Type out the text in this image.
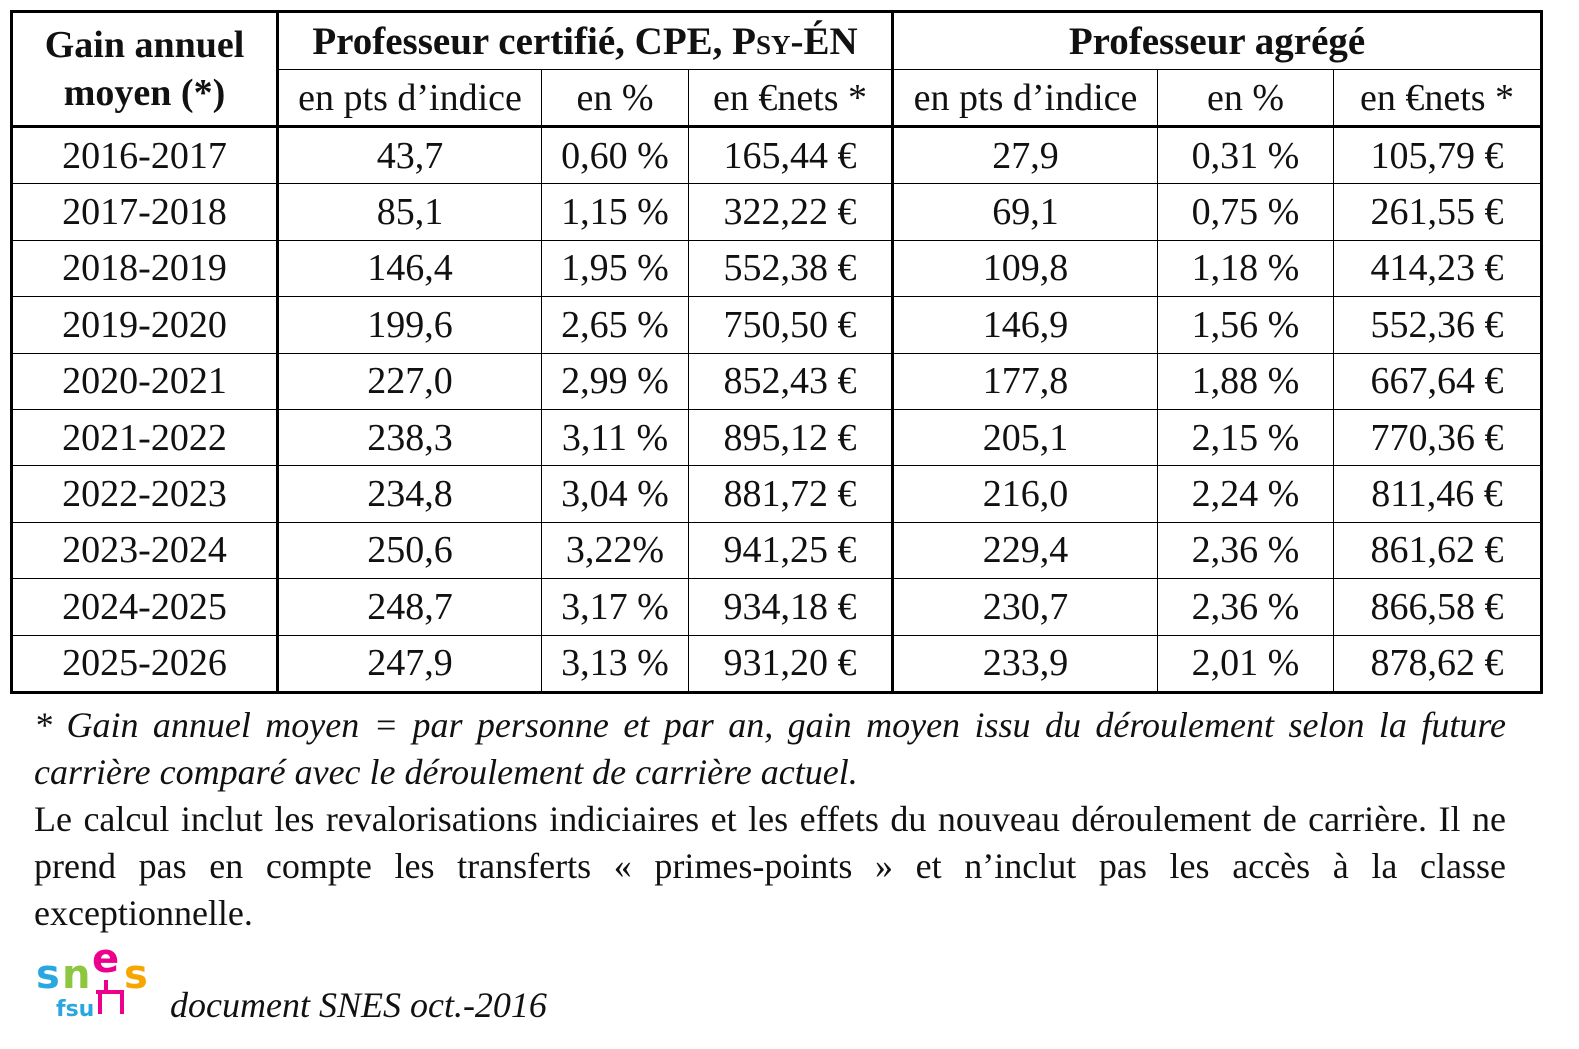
Gain annuel
moyen (*)	Professeur certifié, CPE, Psy-ÉN			Professeur agrégé		
	en pts d’indice	en %	en €nets *	en pts d’indice	en %	en €nets *
2016-2017	43,7	0,60 %	165,44 €	27,9	0,31 %	105,79 €
2017-2018	85,1	1,15 %	322,22 €	69,1	0,75 %	261,55 €
2018-2019	146,4	1,95 %	552,38 €	109,8	1,18 %	414,23 €
2019-2020	199,6	2,65 %	750,50 €	146,9	1,56 %	552,36 €
2020-2021	227,0	2,99 %	852,43 €	177,8	1,88 %	667,64 €
2021-2022	238,3	3,11 %	895,12 €	205,1	2,15 %	770,36 €
2022-2023	234,8	3,04 %	881,72 €	216,0	2,24 %	811,46 €
2023-2024	250,6	3,22%	941,25 €	229,4	2,36 %	861,62 €
2024-2025	248,7	3,17 %	934,18 €	230,7	2,36 %	866,58 €
2025-2026	247,9	3,13 %	931,20 €	233,9	2,01 %	878,62 €
* Gain annuel moyen = par personne et par an, gain moyen issu du déroulement selon la future carrière comparé avec le déroulement de carrière actuel.
Le calcul inclut les revalorisations indiciaires et les effets du nouveau déroulement de carrière. Il ne prend pas en compte les transferts « primes-points » et n’inclut pas les accès à la classe exceptionnelle.
s n e s
fsu document SNES oct.-2016
